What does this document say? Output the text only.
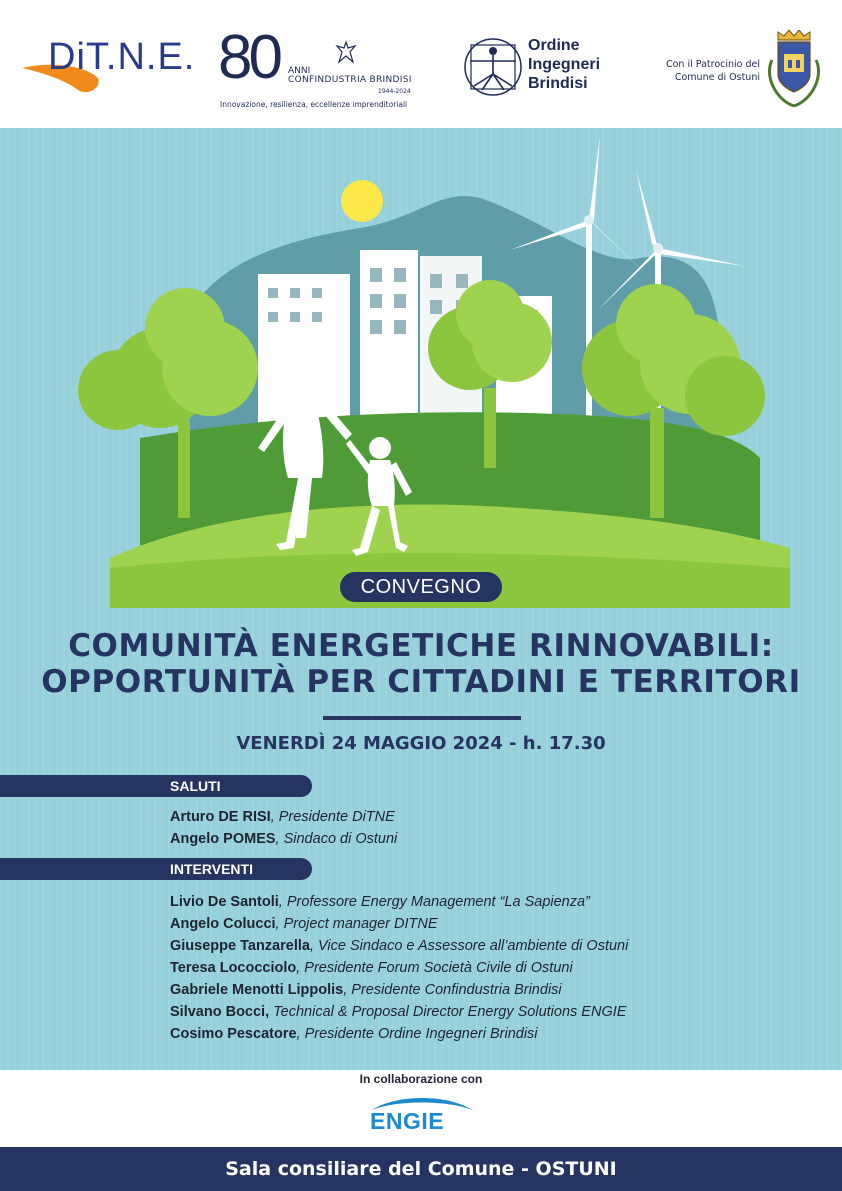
DiT.N.E. 80 ANNI
CONFINDUSTRIA BRINDISI
1944-2024
Innovazione, resilienza, eccellenze imprenditoriali
Ordine
Ingegneri
Brindisi
Con il Patrocinio del
Comune di Ostuni
CONVEGNO
COMUNITÀ ENERGETICHE RINNOVABILI:
OPPORTUNITÀ PER CITTADINI E TERRITORI
VENERDÌ 24 MAGGIO 2024 - h. 17.30
SALUTI
Arturo DE RISI, Presidente DiTNE
Angelo POMES, Sindaco di Ostuni
INTERVENTI
Livio De Santoli, Professore Energy Management “La Sapienza”
Angelo Colucci, Project manager DITNE
Giuseppe Tanzarella, Vice Sindaco e Assessore all’ambiente di Ostuni
Teresa Lococciolo, Presidente Forum Società Civile di Ostuni
Gabriele Menotti Lippolis, Presidente Confindustria Brindisi
Silvano Bocci, Technical & Proposal Director Energy Solutions ENGIE
Cosimo Pescatore, Presidente Ordine Ingegneri Brindisi
In collaborazione con
ENGIE
Sala consiliare del Comune - OSTUNI
